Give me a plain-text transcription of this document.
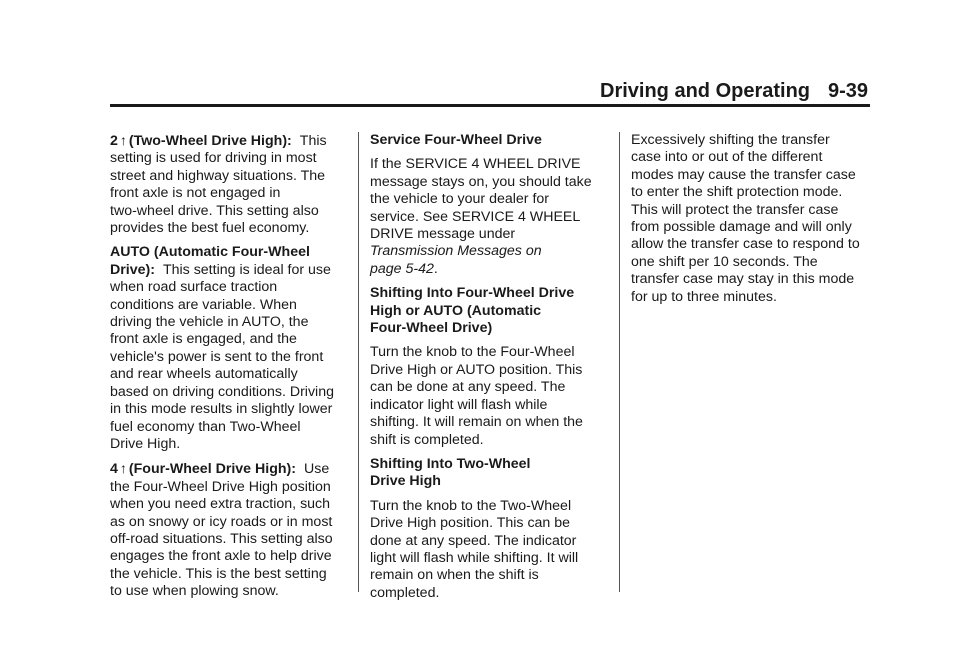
Driving and Operating 9-39

2 ↑ (Two-Wheel Drive High): This
setting is used for driving in most
street and highway situations. The
front axle is not engaged in
two-wheel drive. This setting also
provides the best fuel economy.

AUTO (Automatic Four-Wheel
Drive): This setting is ideal for use
when road surface traction
conditions are variable. When
driving the vehicle in AUTO, the
front axle is engaged, and the
vehicle's power is sent to the front
and rear wheels automatically
based on driving conditions. Driving
in this mode results in slightly lower
fuel economy than Two-Wheel
Drive High.

4 ↑ (Four-Wheel Drive High): Use
the Four-Wheel Drive High position
when you need extra traction, such
as on snowy or icy roads or in most
off-road situations. This setting also
engages the front axle to help drive
the vehicle. This is the best setting
to use when plowing snow.

Service Four-Wheel Drive

If the SERVICE 4 WHEEL DRIVE
message stays on, you should take
the vehicle to your dealer for
service. See SERVICE 4 WHEEL
DRIVE message under
Transmission Messages on
page 5-42.

Shifting Into Four-Wheel Drive
High or AUTO (Automatic
Four-Wheel Drive)

Turn the knob to the Four-Wheel
Drive High or AUTO position. This
can be done at any speed. The
indicator light will flash while
shifting. It will remain on when the
shift is completed.

Shifting Into Two-Wheel
Drive High

Turn the knob to the Two-Wheel
Drive High position. This can be
done at any speed. The indicator
light will flash while shifting. It will
remain on when the shift is
completed.

Excessively shifting the transfer
case into or out of the different
modes may cause the transfer case
to enter the shift protection mode.
This will protect the transfer case
from possible damage and will only
allow the transfer case to respond to
one shift per 10 seconds. The
transfer case may stay in this mode
for up to three minutes.
